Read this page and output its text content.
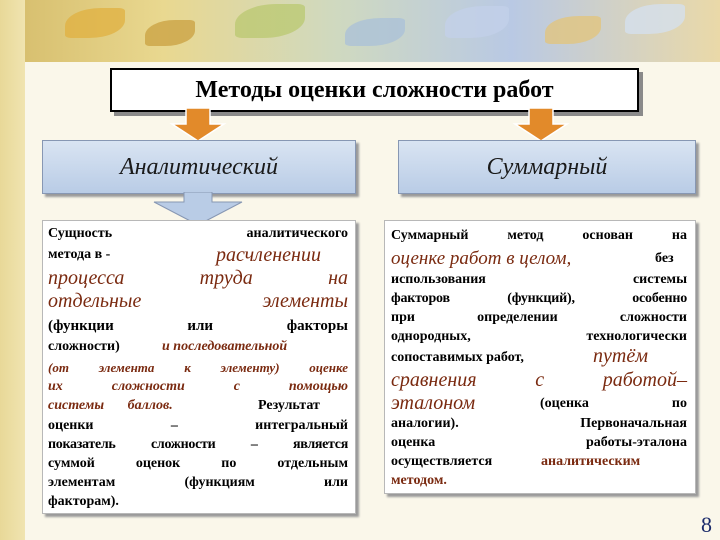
Методы оценки сложности работ
Аналитический	Суммарный

Сущность аналитического

метода в -	расчленении

процесса труда на

отдельные элементы

(функции или факторы

сложности)	и последовательной

(от элемента к элементу) оценке

их сложности с помощью

системы баллов.	Результат

оценки – интегральный

показатель сложности – является

суммой оценок по отдельным

элементам (функциям или

факторам).

Суммарный метод основан на

оценке работ в целом,	без

использования системы

факторов (функций), особенно

при определении сложности

однородных, технологически

сопоставимых работ,	путём

сравнения с работой–

эталоном	(оценка по

аналогии). Первоначальная

оценка работы-эталона

осуществляется	аналитическим

методом.

8
